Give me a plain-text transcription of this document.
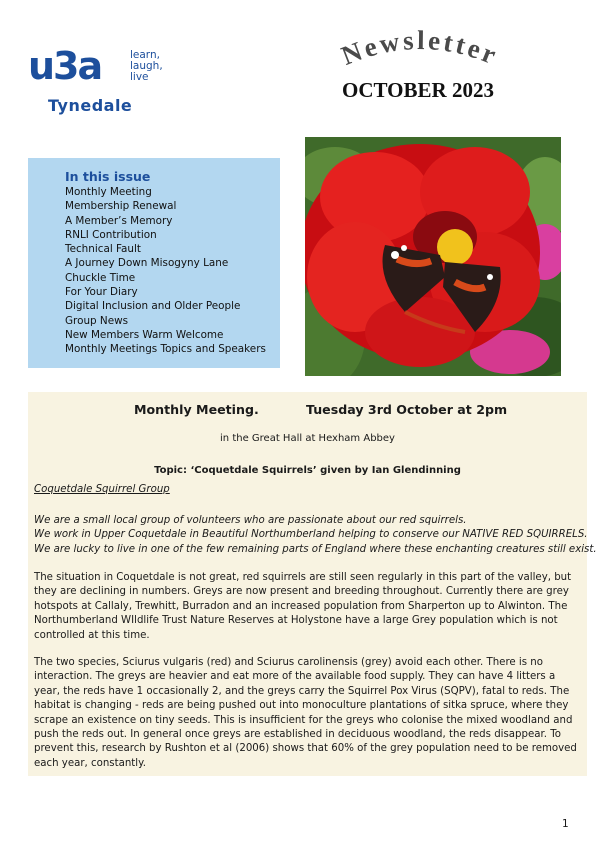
u3a	learn,
laugh,
live
Tynedale
Newsletter
OCTOBER 2023
In this issue
Monthly Meeting
Membership Renewal
A Member’s Memory
RNLI Contribution
Technical Fault
A Journey Down Misogyny Lane
Chuckle Time
For Your Diary
Digital Inclusion and Older People
Group News
New Members Warm Welcome
Monthly Meetings Topics and Speakers
Monthly Meeting.	Tuesday 3rd October at 2pm
in the Great Hall at Hexham Abbey
Topic: ‘Coquetdale Squirrels’ given by Ian Glendinning
Coquetdale Squirrel Group
We are a small local group of volunteers who are passionate about our red squirrels.
We work in Upper Coquetdale in Beautiful Northumberland helping to conserve our NATIVE RED SQUIRRELS.
We are lucky to live in one of the few remaining parts of England where these enchanting creatures still exist.

The situation in Coquetdale is not great, red squirrels are still seen regularly in this part of the valley, but they are declining in numbers. Greys are now present and breeding throughout. Currently there are grey hotspots at Callaly, Trewhitt, Burradon and an increased population from Sharperton up to Alwinton. The Northumberland WIldlife Trust Nature Reserves at Holystone have a large Grey population which is not controlled at this time.

The two species, Sciurus vulgaris (red) and Sciurus carolinensis (grey) avoid each other. There is no interaction. The greys are heavier and eat more of the available food supply. They can have 4 litters a year, the reds have 1 occasionally 2, and the greys carry the Squirrel Pox Virus (SQPV), fatal to reds. The habitat is changing - reds are being pushed out into monoculture plantations of sitka spruce, where they scrape an existence on tiny seeds. This is insufficient for the greys who colonise the mixed woodland and push the reds out. In general once greys are established in deciduous woodland, the reds disappear. To prevent this, research by Rushton et al (2006) shows that 60% of the grey population need to be removed each year, constantly.

1
